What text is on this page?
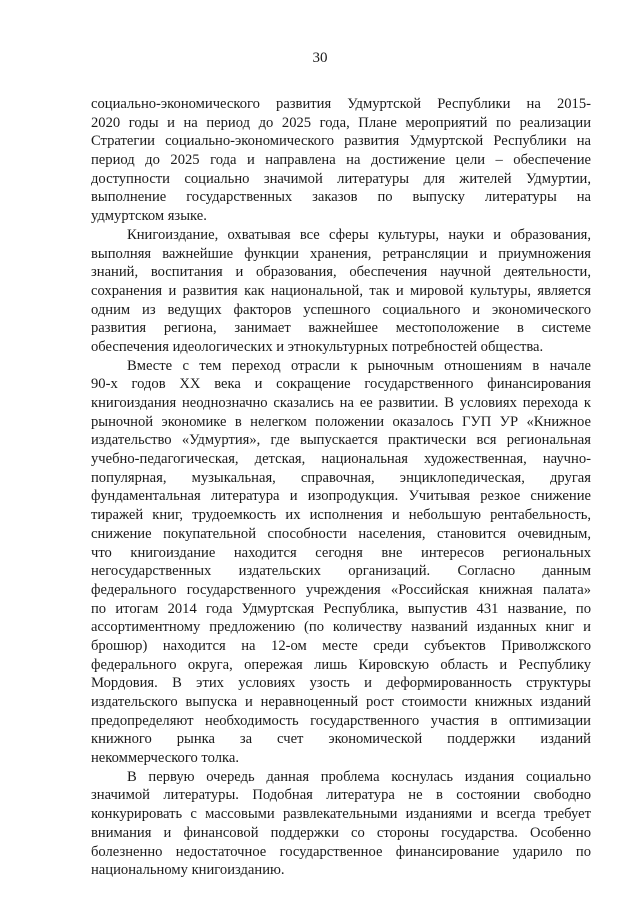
30
социально-экономического развития Удмуртской Республики на 2015-
2020 годы и на период до 2025 года, Плане мероприятий по реализации
Стратегии социально-экономического развития Удмуртской Республики на
период до 2025 года и направлена на достижение цели – обеспечение
доступности социально значимой литературы для жителей Удмуртии,
выполнение государственных заказов по выпуску литературы на
удмуртском языке.
Книгоиздание, охватывая все сферы культуры, науки и образования,
выполняя важнейшие функции хранения, ретрансляции и приумножения
знаний, воспитания и образования, обеспечения научной деятельности,
сохранения и развития как национальной, так и мировой культуры, является
одним из ведущих факторов успешного социального и экономического
развития региона, занимает важнейшее местоположение в системе
обеспечения идеологических и этнокультурных потребностей общества.
Вместе с тем переход отрасли к рыночным отношениям в начале
90-х годов XX века и сокращение государственного финансирования
книгоиздания неоднозначно сказались на ее развитии. В условиях перехода к
рыночной экономике в нелегком положении оказалось ГУП УР «Книжное
издательство «Удмуртия», где выпускается практически вся региональная
учебно-педагогическая, детская, национальная художественная, научно-
популярная, музыкальная, справочная, энциклопедическая, другая
фундаментальная литература и изопродукция. Учитывая резкое снижение
тиражей книг, трудоемкость их исполнения и небольшую рентабельность,
снижение покупательной способности населения, становится очевидным,
что книгоиздание находится сегодня вне интересов региональных
негосударственных издательских организаций. Согласно данным
федерального государственного учреждения «Российская книжная палата»
по итогам 2014 года Удмуртская Республика, выпустив 431 название, по
ассортиментному предложению (по количеству названий изданных книг и
брошюр) находится на 12-ом месте среди субъектов Приволжского
федерального округа, опережая лишь Кировскую область и Республику
Мордовия. В этих условиях узость и деформированность структуры
издательского выпуска и неравноценный рост стоимости книжных изданий
предопределяют необходимость государственного участия в оптимизации
книжного рынка за счет экономической поддержки изданий
некоммерческого толка.
В первую очередь данная проблема коснулась издания социально
значимой литературы. Подобная литература не в состоянии свободно
конкурировать с массовыми развлекательными изданиями и всегда требует
внимания и финансовой поддержки со стороны государства. Особенно
болезненно недостаточное государственное финансирование ударило по
национальному книгоизданию.
